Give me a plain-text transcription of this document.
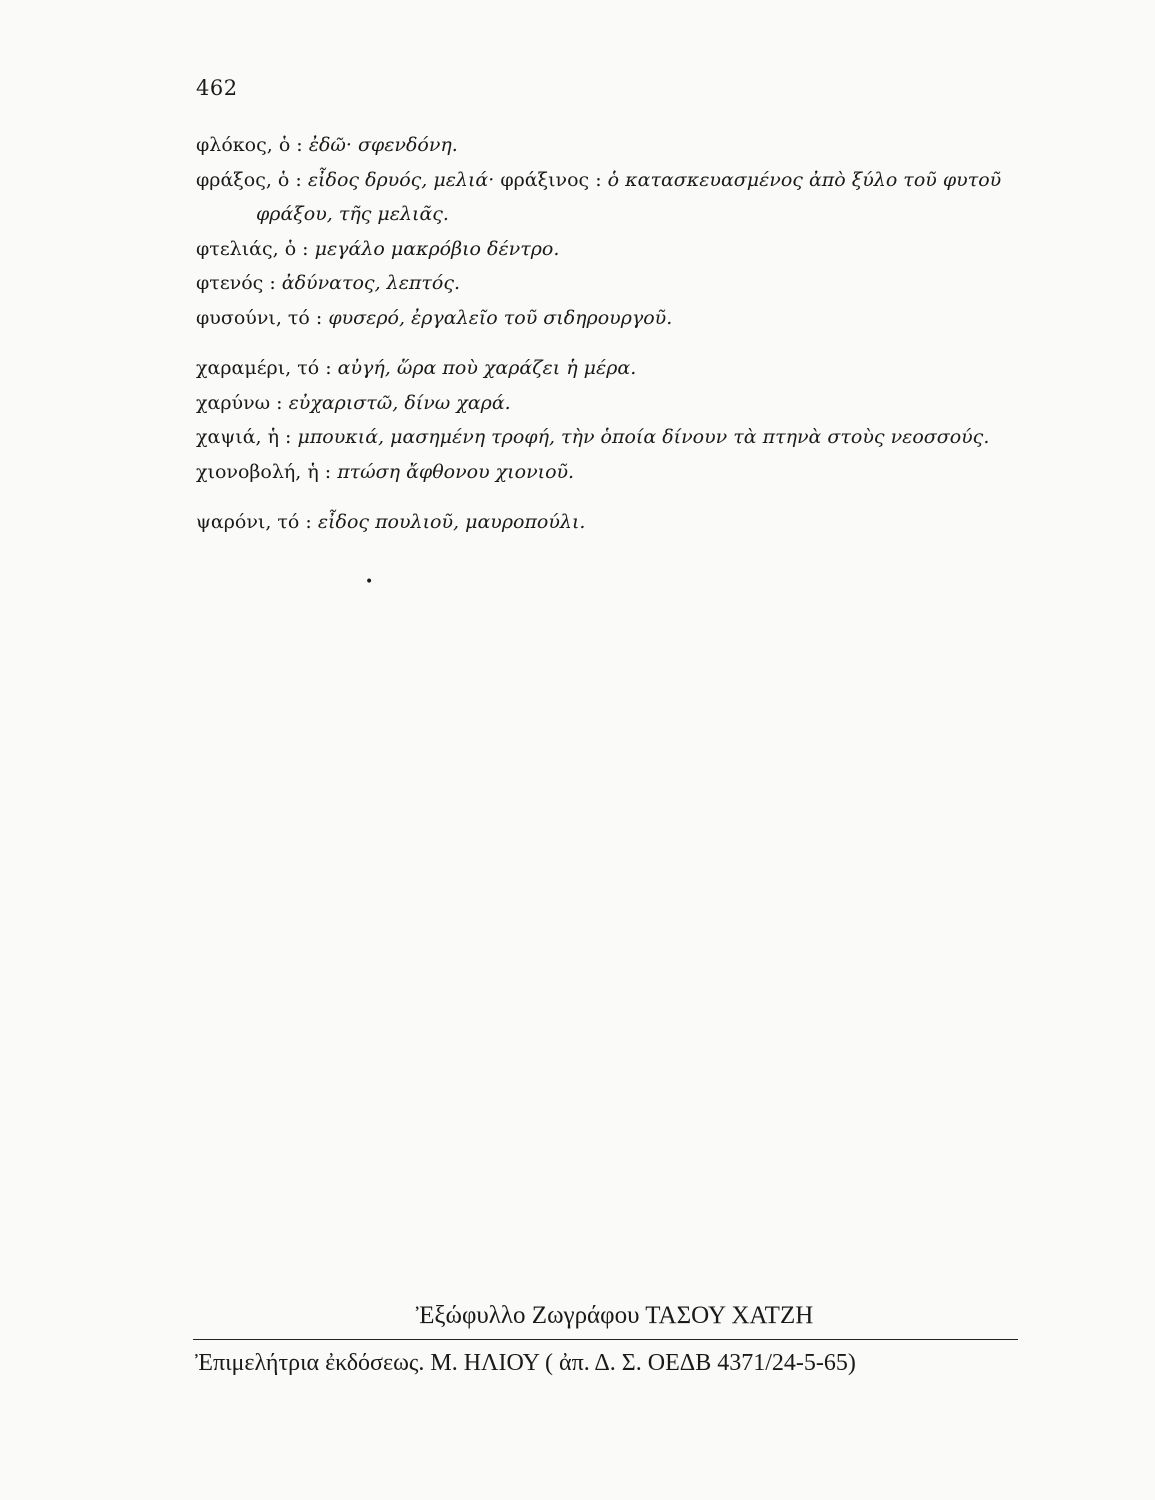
462
φλόκος, ὁ : ἐδῶ· σφενδόνη.
φράξος, ὁ : εἶδος δρυός, μελιά· φράξινος : ὁ κατασκευασμένος ἀπὸ ξύλο τοῦ φυτοῦ
φράξου, τῆς μελιᾶς.
φτελιάς, ὁ : μεγάλο μακρόβιο δέντρο.
φτενός : ἀδύνατος, λεπτός.
φυσούνι, τό : φυσερό, ἐργαλεῖο τοῦ σιδηρουργοῦ.
χαραμέρι, τό : αὐγή, ὥρα ποὺ χαράζει ἡ μέρα.
χαρύνω : εὐχαριστῶ, δίνω χαρά.
χαψιά, ἡ : μπουκιά, μασημένη τροφή, τὴν ὁποία δίνουν τὰ πτηνὰ στοὺς νεοσσούς.
χιονοβολή, ἡ : πτώση ἄφθονου χιονιοῦ.
ψαρόνι, τό : εἶδος πουλιοῦ, μαυροπούλι.
•
Ἐξώφυλλο Ζωγράφου ΤΑΣΟΥ ΧΑΤΖΗ
Ἐπιμελήτρια ἐκδόσεως. Μ. ΗΛΙΟΥ ( ἀπ. Δ. Σ. ΟΕΔΒ 4371/24-5-65)
